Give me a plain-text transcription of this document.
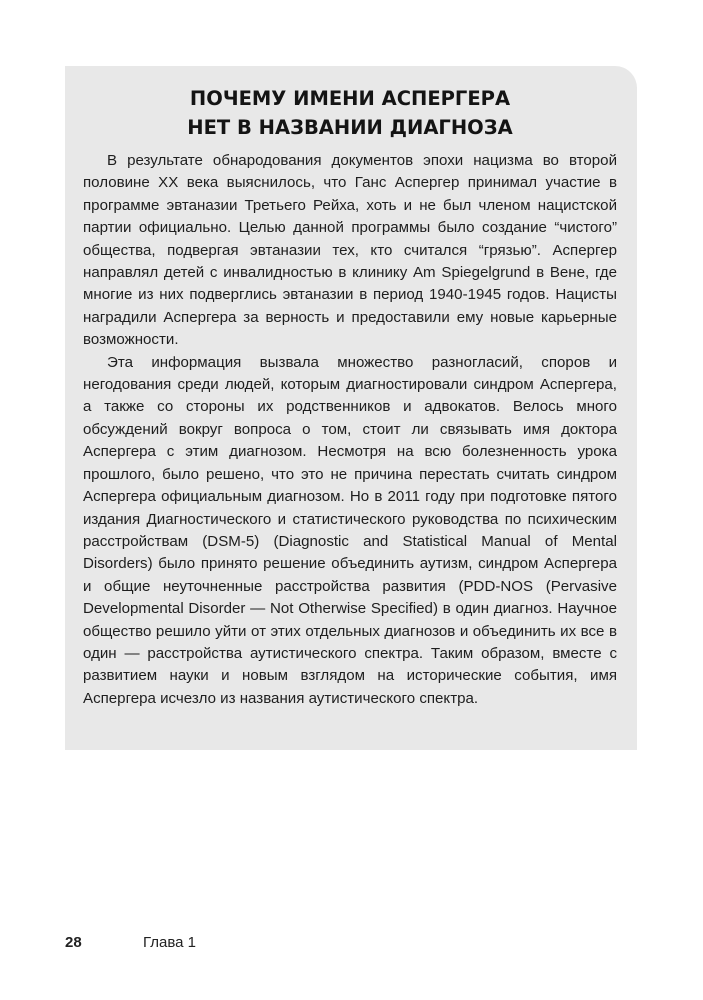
ПОЧЕМУ ИМЕНИ АСПЕРГЕРА
НЕТ В НАЗВАНИИ ДИАГНОЗА

В результате обнародования документов эпохи нацизма во второй половине XX века выяснилось, что Ганс Аспергер принимал участие в программе эвтаназии Третьего Рейха, хоть и не был членом нацистской партии официально. Целью данной программы было создание “чистого” общества, подвергая эвтаназии тех, кто считался “грязью”. Аспергер направлял детей с инвалидностью в клинику Am Spiegelgrund в Вене, где многие из них подверглись эвтаназии в период 1940-1945 годов. Нацисты наградили Аспергера за верность и предоставили ему новые карьерные возможности.

Эта информация вызвала множество разногласий, споров и негодования среди людей, которым диагностировали синдром Аспергера, а также со стороны их родственников и адвокатов. Велось много обсуждений вокруг вопроса о том, стоит ли связывать имя доктора Аспергера с этим диагнозом. Несмотря на всю болезненность урока прошлого, было решено, что это не причина перестать считать синдром Аспергера официальным диагнозом. Но в 2011 году при подготовке пятого издания Диагностического и статистического руководства по психическим расстройствам (DSM-5) (Diagnostic and Statistical Manual of Mental Disorders) было принято решение объединить аутизм, синдром Аспергера и общие неуточненные расстройства развития (PDD-NOS (Pervasive Developmental Disorder — Not Otherwise Specified) в один диагноз. Научное общество решило уйти от этих отдельных диагнозов и объединить их все в один — расстройства аутистического спектра. Таким образом, вместе с развитием науки и новым взглядом на исторические события, имя Аспергера исчезло из названия аутистического спектра.

28	Глава 1
